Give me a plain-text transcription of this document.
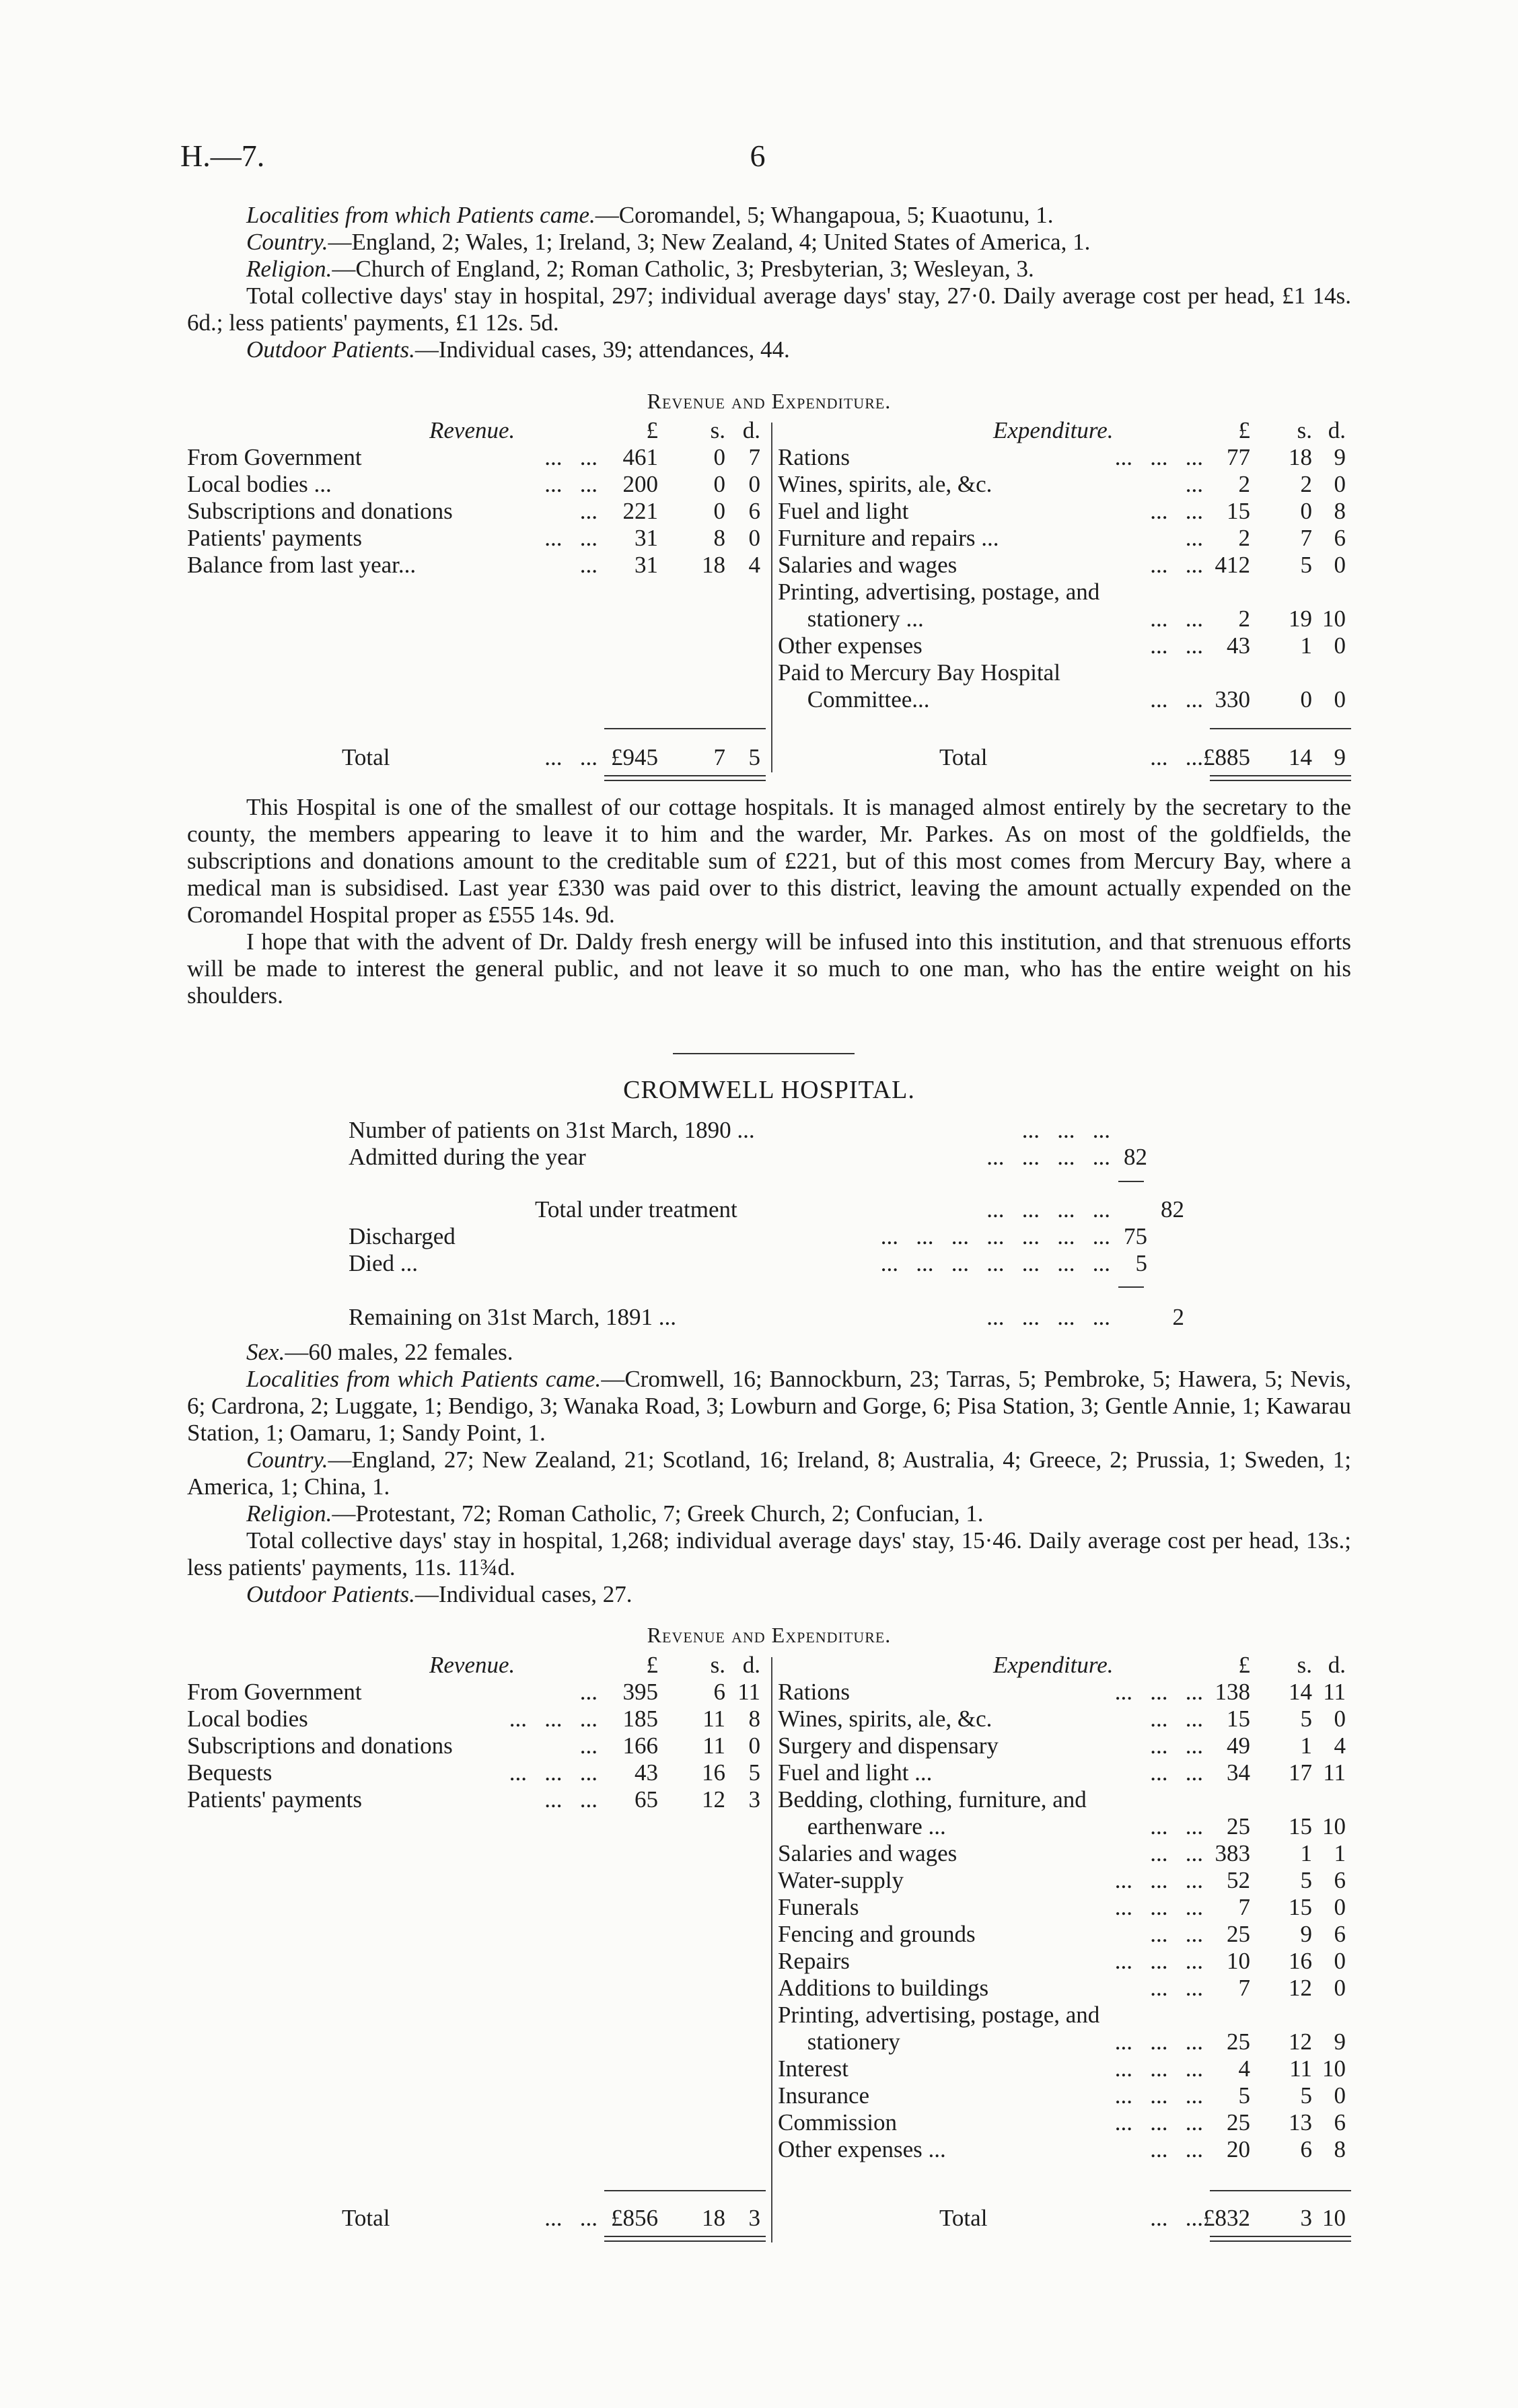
H.—7.	6

Localities from which Patients came.—Coromandel, 5; Whangapoua, 5; Kuaotunu, 1.

Country.—England, 2; Wales, 1; Ireland, 3; New Zealand, 4; United States of America, 1.

Religion.—Church of England, 2; Roman Catholic, 3; Presbyterian, 3; Wesleyan, 3.

Total collective days' stay in hospital, 297; individual average days' stay, 27·0. Daily average cost per head, £1 14s. 6d.; less patients' payments, £1 12s. 5d.

Outdoor Patients.—Individual cases, 39; attendances, 44.

Revenue and Expenditure.
Revenue.	Expenditure.
£ s. d.	£ s. d.
From Government	...   ... 461 0 7
Local bodies ...	...   ... 200 0 0
Subscriptions and donations	... 221 0 6
Patients' payments	...   ... 31 8 0
Balance from last year...	... 31 18 4
Rations	...   ...   ... 77 18 9
Wines, spirits, ale, &c.	... 2 2 0
Fuel and light	...   ... 15 0 8
Furniture and repairs ...	... 2 7 6
Salaries and wages	...   ... 412 5 0
Printing, advertising, postage, and
stationery ...	...   ... 2 19 10
Other expenses	...   ... 43 1 0
Paid to Mercury Bay Hospital
Committee...	...   ... 330 0 0
Total	...   ... £945 7 5	Total	...   ... £885 14 9

This Hospital is one of the smallest of our cottage hospitals. It is managed almost entirely by the secretary to the county, the members appearing to leave it to him and the warder, Mr. Parkes. As on most of the goldfields, the subscriptions and donations amount to the creditable sum of £221, but of this most comes from Mercury Bay, where a medical man is subsidised. Last year £330 was paid over to this district, leaving the amount actually expended on the Coromandel Hospital proper as £555 14s. 9d.

I hope that with the advent of Dr. Daldy fresh energy will be infused into this institution, and that strenuous efforts will be made to interest the general public, and not leave it so much to one man, who has the entire weight on his shoulders.

CROMWELL HOSPITAL.
Number of patients on 31st March, 1890 ...	...   ...   ...
Admitted during the year	...   ...   ...   ... 82
Total under treatment	...   ...   ...   ... 82
Discharged	...   ...   ...   ...   ...   ...   ... 75
Died ...	...   ...   ...   ...   ...   ...   ... 5
Remaining on 31st March, 1891 ...	...   ...   ...   ...	2

Sex.—60 males, 22 females.

Localities from which Patients came.—Cromwell, 16; Bannockburn, 23; Tarras, 5; Pembroke, 5; Hawera, 5; Nevis, 6; Cardrona, 2; Luggate, 1; Bendigo, 3; Wanaka Road, 3; Lowburn and Gorge, 6; Pisa Station, 3; Gentle Annie, 1; Kawarau Station, 1; Oamaru, 1; Sandy Point, 1.

Country.—England, 27; New Zealand, 21; Scotland, 16; Ireland, 8; Australia, 4; Greece, 2; Prussia, 1; Sweden, 1; America, 1; China, 1.

Religion.—Protestant, 72; Roman Catholic, 7; Greek Church, 2; Confucian, 1.

Total collective days' stay in hospital, 1,268; individual average days' stay, 15·46. Daily average cost per head, 13s.; less patients' payments, 11s. 11¾d.

Outdoor Patients.—Individual cases, 27.

Revenue and Expenditure.
Revenue.	Expenditure.
£ s. d.	£ s. d.
From Government	... 395 6 11
Local bodies	...   ...   ... 185 11 8
Subscriptions and donations	... 166 11 0
Bequests	...   ...   ... 43 16 5
Patients' payments	...   ... 65 12 3
Rations	...   ...   ... 138 14 11
Wines, spirits, ale, &c.	...   ... 15 5 0
Surgery and dispensary	...   ... 49 1 4
Fuel and light ...	...   ... 34 17 11
Bedding, clothing, furniture, and
earthenware ...	...   ... 25 15 10
Salaries and wages	...   ... 383 1 1
Water-supply	...   ...   ... 52 5 6
Funerals	...   ...   ... 7 15 0
Fencing and grounds	...   ... 25 9 6
Repairs	...   ...   ... 10 16 0
Additions to buildings	...   ... 7 12 0
Printing, advertising, postage, and
stationery	...   ...   ... 25 12 9
Interest	...   ...   ... 4 11 10
Insurance	...   ...   ... 5 5 0
Commission	...   ...   ... 25 13 6
Other expenses ...	...   ... 20 6 8
Total	...   ... £856 18 3	Total	...   ... £832 3 10
